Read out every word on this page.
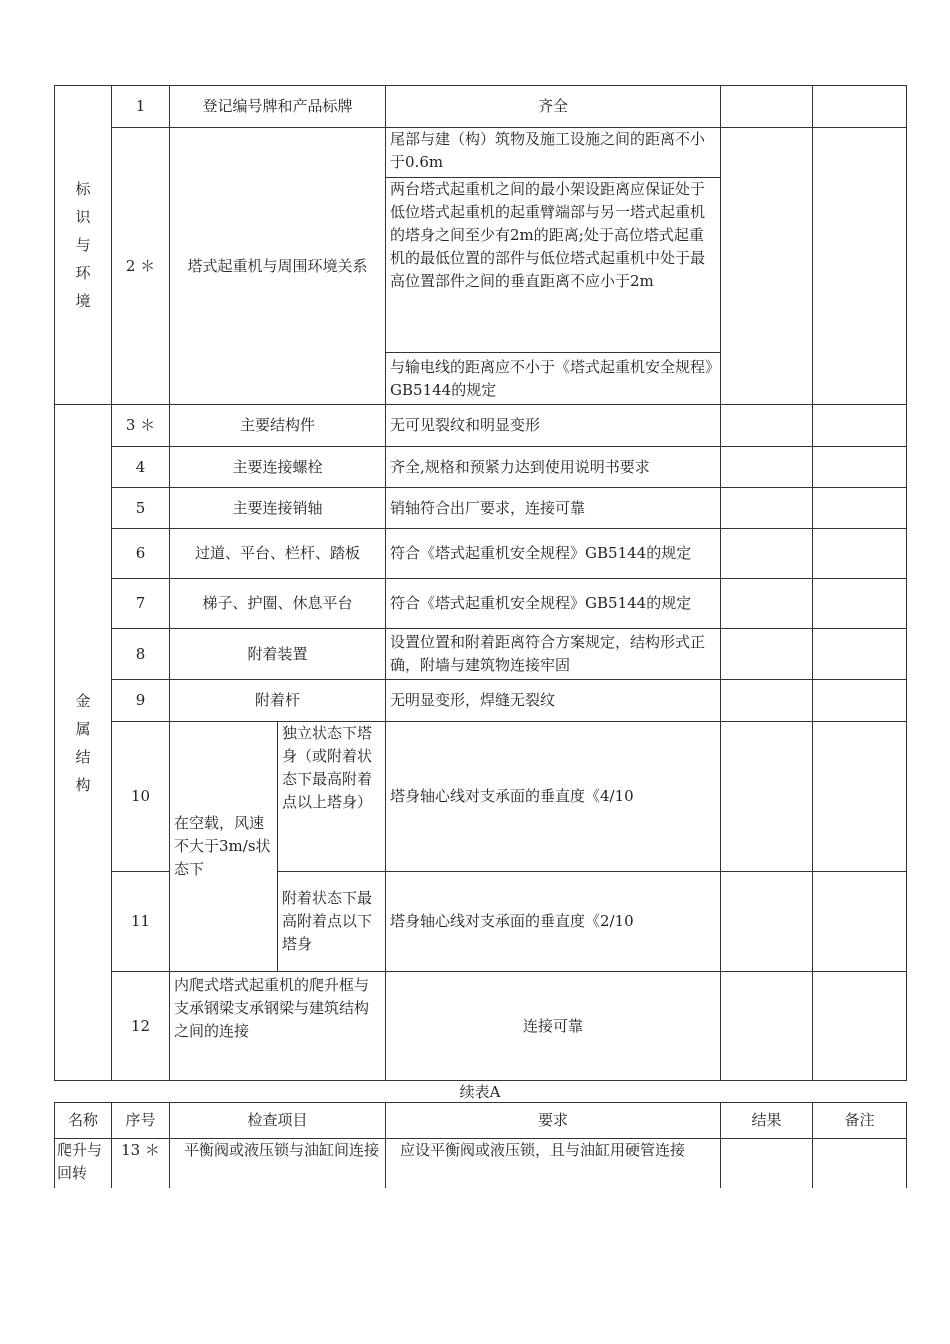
标
识
与
环
境	1	登记编号牌和产品标牌		齐全		
	2 ＊	塔式起重机与周围环境关系		尾部与建（构）筑物及施工设施之间的距离不小于0.6m		
				两台塔式起重机之间的最小架设距离应保证处于低位塔式起重机的起重臂端部与另一塔式起重机的塔身之间至少有2m的距离;处于高位塔式起重机的最低位置的部件与低位塔式起重机中处于最高位置部件之间的垂直距离不应小于2m		
				与输电线的距离应不小于《塔式起重机安全规程》GB5144的规定		

金
属
结
构	3 ＊	主要结构件		无可见裂纹和明显变形		
	4	主要连接螺栓		齐全,规格和预紧力达到使用说明书要求		
	5	主要连接销轴		销轴符合出厂要求，连接可靠		
	6	过道、平台、栏杆、踏板		符合《塔式起重机安全规程》GB5144的规定		
	7	梯子、护圈、休息平台		符合《塔式起重机安全规程》GB5144的规定		
	8	附着装置		设置位置和附着距离符合方案规定，结构形式正确，附墙与建筑物连接牢固		
	9	附着杆		无明显变形，焊缝无裂纹		
	10	在空载，风速不大于3m/s状态下	独立状态下塔身（或附着状态下最高附着点以上塔身）	塔身轴心线对支承面的垂直度《4/10		
	11		附着状态下最高附着点以下塔身	塔身轴心线对支承面的垂直度《2/10		
	12	内爬式塔式起重机的爬升框与支承钢梁支承钢梁与建筑结构之间的连接		连接可靠		
续表A
名称	序号	检查项目	要求	结果	备注
爬升与回转	13 ＊	平衡阀或液压锁与油缸间连接	应设平衡阀或液压锁，且与油缸用硬管连接		
